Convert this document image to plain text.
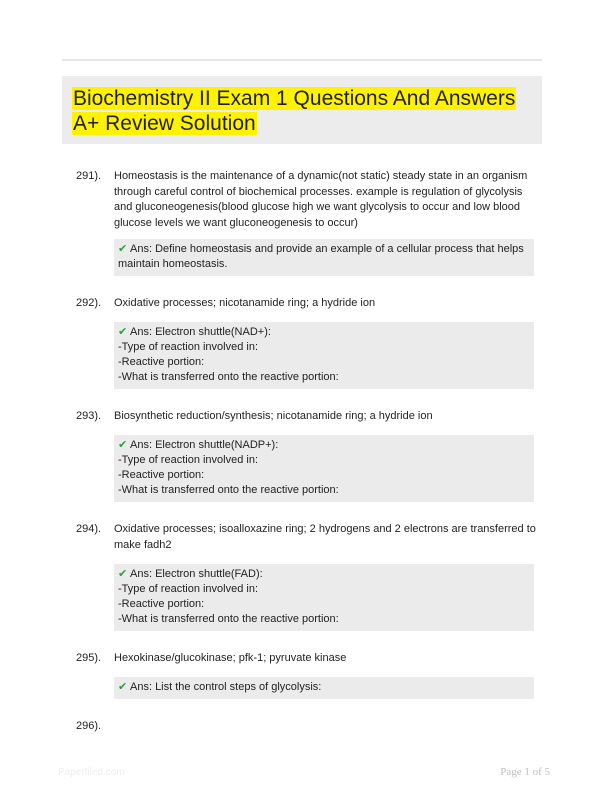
Biochemistry II Exam 1 Questions And Answers
A+ Review Solution
291). Homeostasis is the maintenance of a dynamic(not static) steady state in an organism through careful control of biochemical processes. example is regulation of glycolysis and gluconeogenesis(blood glucose high we want glycolysis to occur and low blood glucose levels we want gluconeogenesis to occur)

✔ Ans: Define homeostasis and provide an example of a cellular process that helps maintain homeostasis.
292). Oxidative processes; nicotanamide ring; a hydride ion

✔ Ans: Electron shuttle(NAD+):
-Type of reaction involved in:
-Reactive portion:
-What is transferred onto the reactive portion:
293). Biosynthetic reduction/synthesis; nicotanamide ring; a hydride ion

✔ Ans: Electron shuttle(NADP+):
-Type of reaction involved in:
-Reactive portion:
-What is transferred onto the reactive portion:
294). Oxidative processes; isoalloxazine ring; 2 hydrogens and 2 electrons are transferred to make fadh2

✔ Ans: Electron shuttle(FAD):
-Type of reaction involved in:
-Reactive portion:
-What is transferred onto the reactive portion:
295). Hexokinase/glucokinase; pfk-1; pyruvate kinase

✔ Ans: List the control steps of glycolysis:
296).
Paperfiled.com	Page 1 of 5
